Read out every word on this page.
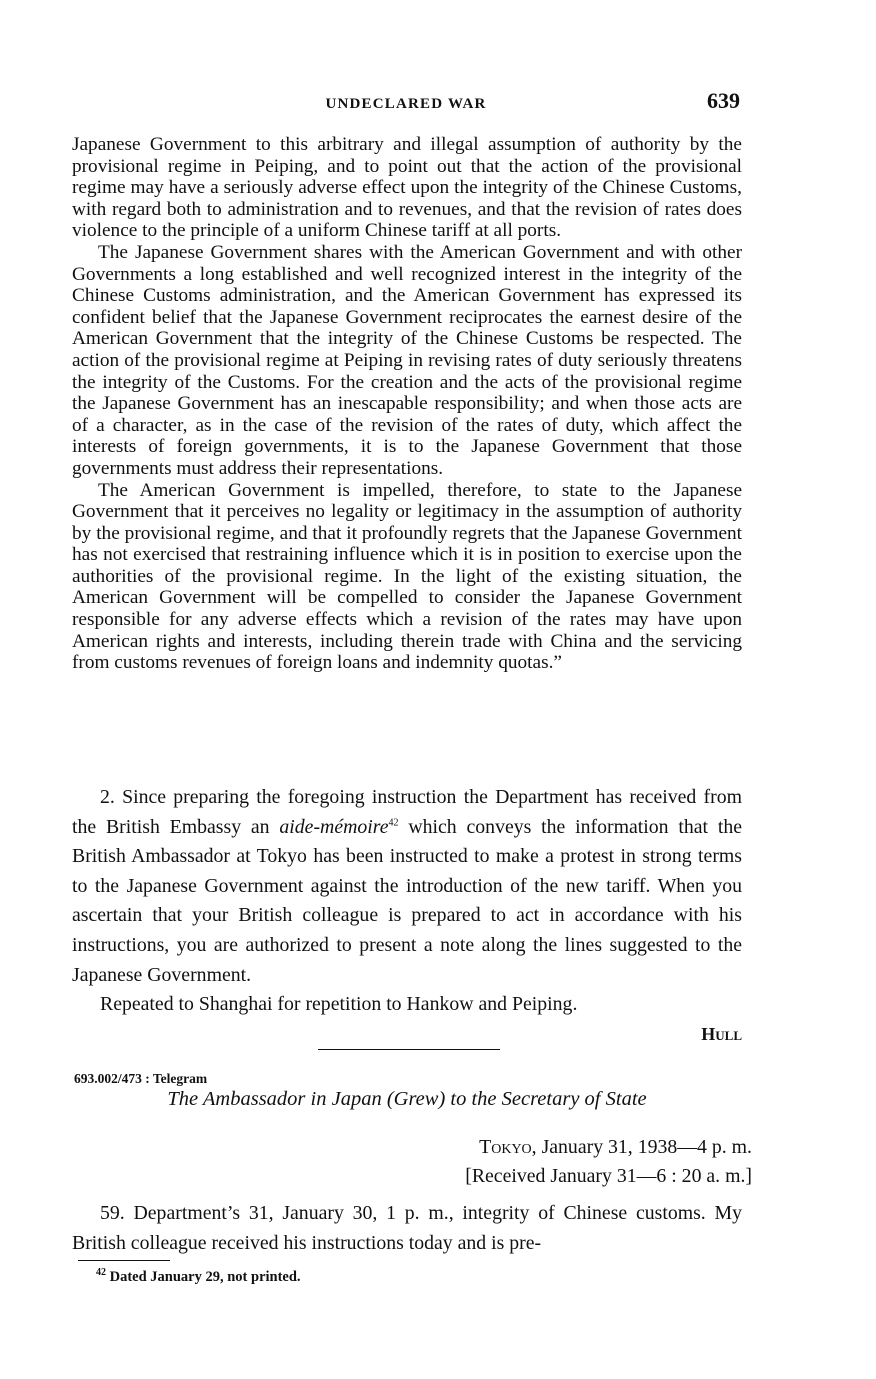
UNDECLARED WAR	639

Japanese Government to this arbitrary and illegal assumption of authority by the provisional regime in Peiping, and to point out that the action of the provisional regime may have a seriously adverse effect upon the integrity of the Chinese Customs, with regard both to administration and to revenues, and that the revision of rates does violence to the principle of a uniform Chinese tariff at all ports.

The Japanese Government shares with the American Government and with other Governments a long established and well recognized interest in the integrity of the Chinese Customs administration, and the American Government has expressed its confident belief that the Japanese Government reciprocates the earnest desire of the American Government that the integrity of the Chinese Customs be respected. The action of the provisional regime at Peiping in revising rates of duty seriously threatens the integrity of the Customs. For the creation and the acts of the provisional regime the Japanese Government has an inescapable responsibility; and when those acts are of a character, as in the case of the revision of the rates of duty, which affect the interests of foreign governments, it is to the Japanese Government that those governments must address their representations.

The American Government is impelled, therefore, to state to the Japanese Government that it perceives no legality or legitimacy in the assumption of authority by the provisional regime, and that it profoundly regrets that the Japanese Government has not exercised that restraining influence which it is in position to exercise upon the authorities of the provisional regime. In the light of the existing situation, the American Government will be compelled to consider the Japanese Government responsible for any adverse effects which a revision of the rates may have upon American rights and interests, including therein trade with China and the servicing from customs revenues of foreign loans and indemnity quotas.”

2. Since preparing the foregoing instruction the Department has received from the British Embassy an aide-mémoire$^{42}$ which conveys the information that the British Ambassador at Tokyo has been instructed to make a protest in strong terms to the Japanese Government against the introduction of the new tariff. When you ascertain that your British colleague is prepared to act in accordance with his instructions, you are authorized to present a note along the lines suggested to the Japanese Government.

Repeated to Shanghai for repetition to Hankow and Peiping.

Hull

693.002/473 : Telegram
The Ambassador in Japan (Grew) to the Secretary of State
Tokyo, January 31, 1938—4 p. m.
[Received January 31—6 : 20 a. m.]

59. Department’s 31, January 30, 1 p. m., integrity of Chinese customs. My British colleague received his instructions today and is pre-

$^{42}$ Dated January 29, not printed.
